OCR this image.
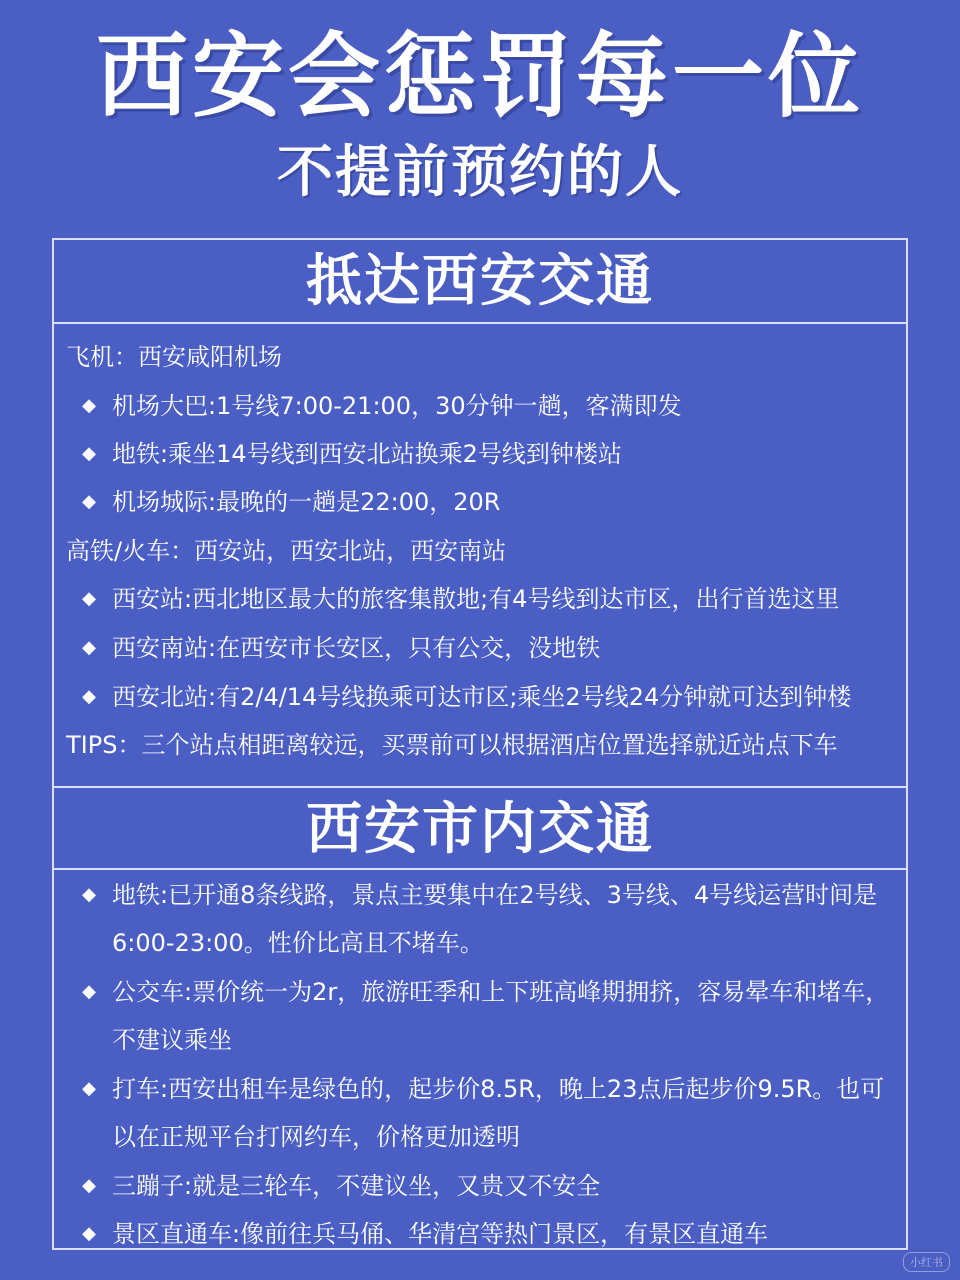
西安会惩罚每一位
不提前预约的人
抵达西安交通
飞机：西安咸阳机场
◆ 机场大巴:1号线7:00-21:00，30分钟一趟，客满即发
◆ 地铁:乘坐14号线到西安北站换乘2号线到钟楼站
◆ 机场城际:最晚的一趟是22:00，20R
高铁/火车：西安站，西安北站，西安南站
◆ 西安站:西北地区最大的旅客集散地;有4号线到达市区，出行首选这里
◆ 西安南站:在西安市长安区，只有公交，没地铁
◆ 西安北站:有2/4/14号线换乘可达市区;乘坐2号线24分钟就可达到钟楼
TIPS：三个站点相距离较远，买票前可以根据酒店位置选择就近站点下车
西安市内交通
◆ 地铁:已开通8条线路，景点主要集中在2号线、3号线、4号线运营时间是6:00-23:00。性价比高且不堵车。
◆ 公交车:票价统一为2r，旅游旺季和上下班高峰期拥挤，容易晕车和堵车，不建议乘坐
◆ 打车:西安出租车是绿色的，起步价8.5R，晚上23点后起步价9.5R。也可以在正规平台打网约车，价格更加透明
◆ 三蹦子:就是三轮车，不建议坐，又贵又不安全
◆ 景区直通车:像前往兵马俑、华清宫等热门景区，有景区直通车
小红书
